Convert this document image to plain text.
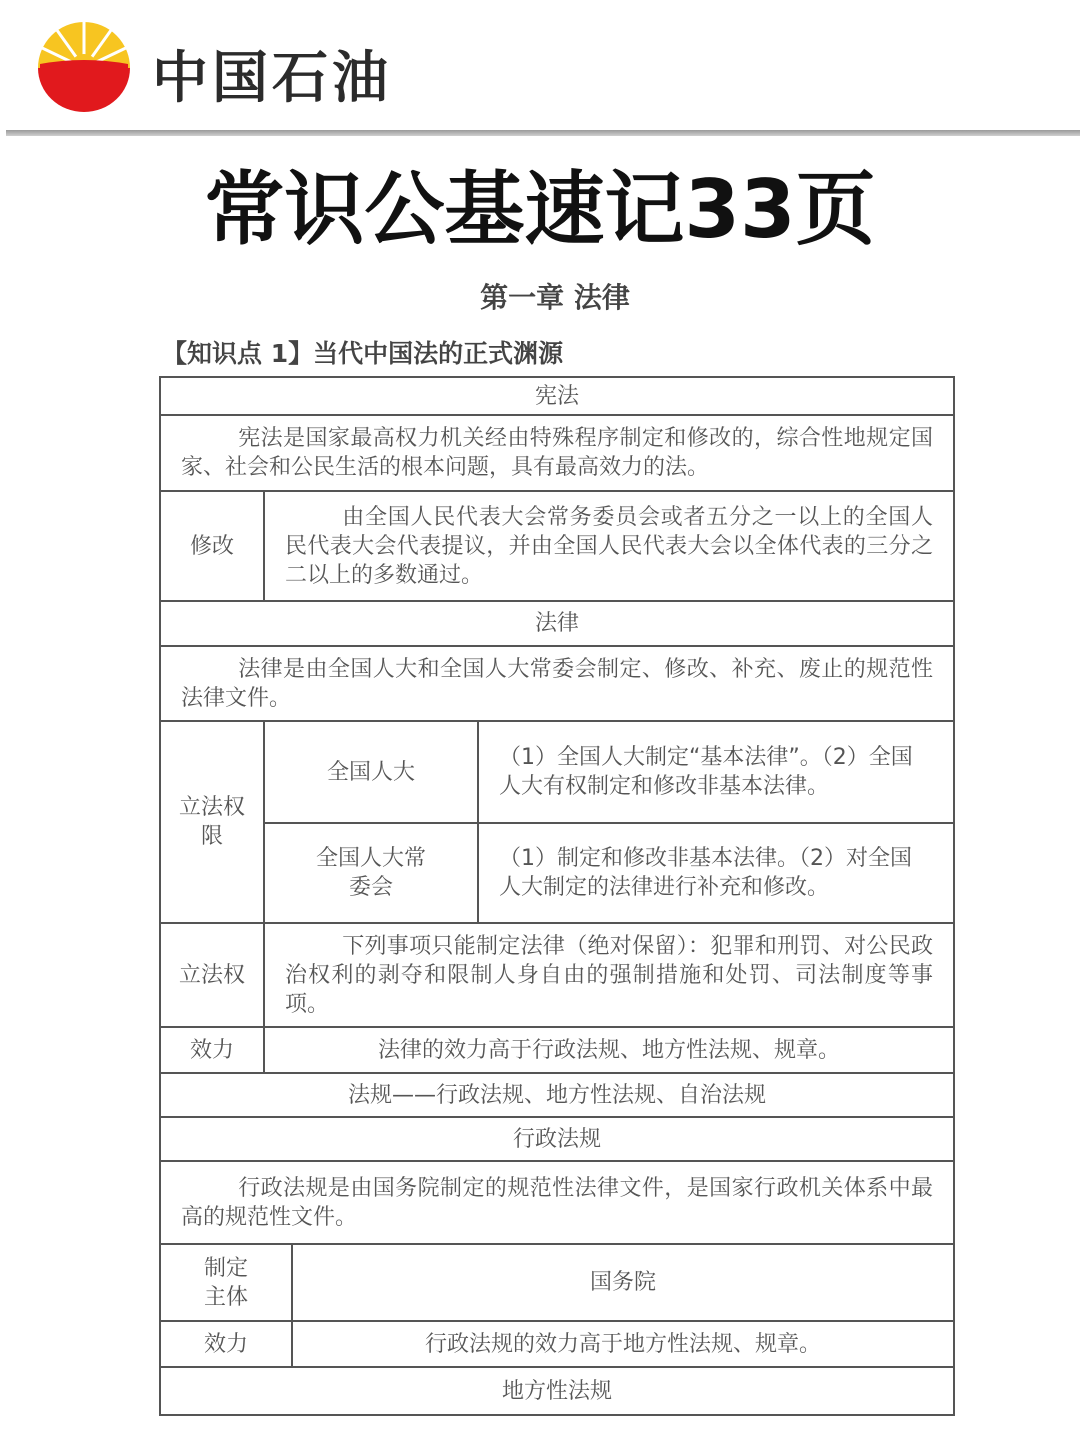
中国石油
常识公基速记33页
第一章 法律
【知识点 1】当代中国法的正式渊源
宪法			
宪法是国家最高权力机关经由特殊程序制定和修改的，综合性地规定国家、社会和公民生活的根本问题，具有最高效力的法。			
修改	由全国人民代表大会常务委员会或者五分之一以上的全国人民代表大会代表提议，并由全国人民代表大会以全体代表的三分之二以上的多数通过。		
法律			
法律是由全国人大和全国人大常委会制定、修改、补充、废止的规范性法律文件。			
立法权限	全国人大		（1）全国人大制定“基本法律”。（2）全国人大有权制定和修改非基本法律。
	全国人大常委会		（1）制定和修改非基本法律。（2）对全国人大制定的法律进行补充和修改。
立法权	下列事项只能制定法律（绝对保留）：犯罪和刑罚、对公民政治权利的剥夺和限制人身自由的强制措施和处罚、司法制度等事项。		
效力	法律的效力高于行政法规、地方性法规、规章。		
法规——行政法规、地方性法规、自治法规			
行政法规			
行政法规是由国务院制定的规范性法律文件，是国家行政机关体系中最高的规范性文件。			
制定主体		国务院	
效力		行政法规的效力高于地方性法规、规章。	
地方性法规			
